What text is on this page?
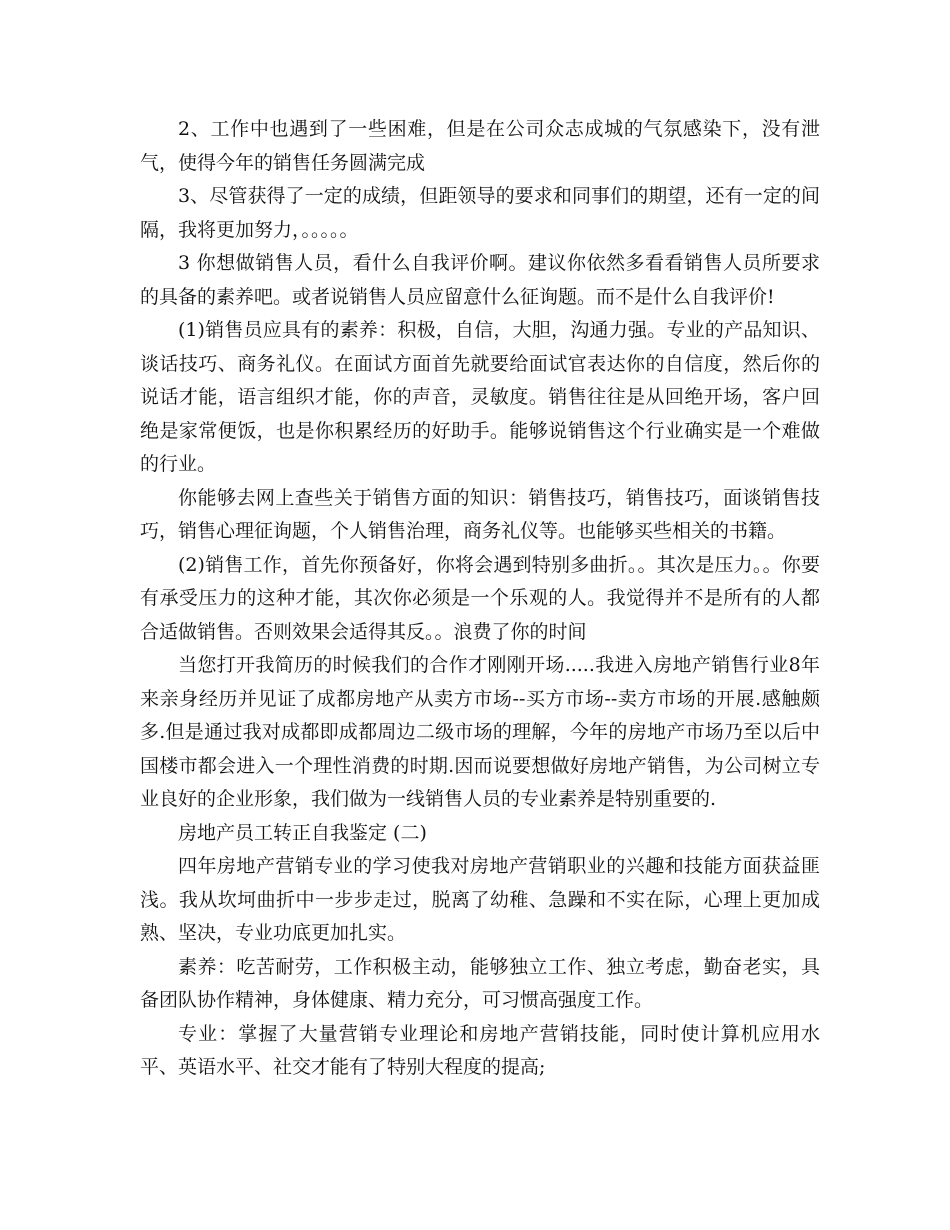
2、工作中也遇到了一些困难，但是在公司众志成城的气氛感染下，没有泄气，使得今年的销售任务圆满完成

3、尽管获得了一定的成绩，但距领导的要求和同事们的期望，还有一定的间隔，我将更加努力，。。。。。

3 你想做销售人员，看什么自我评价啊。建议你依然多看看销售人员所要求的具备的素养吧。或者说销售人员应留意什么征询题。而不是什么自我评价!

(1)销售员应具有的素养：积极，自信，大胆，沟通力强。专业的产品知识、谈话技巧、商务礼仪。在面试方面首先就要给面试官表达你的自信度，然后你的说话才能，语言组织才能，你的声音，灵敏度。销售往往是从回绝开场，客户回绝是家常便饭，也是你积累经历的好助手。能够说销售这个行业确实是一个难做的行业。

你能够去网上查些关于销售方面的知识：销售技巧，销售技巧，面谈销售技巧，销售心理征询题，个人销售治理，商务礼仪等。也能够买些相关的书籍。

(2)销售工作，首先你预备好，你将会遇到特别多曲折。。其次是压力。。你要有承受压力的这种才能，其次你必须是一个乐观的人。我觉得并不是所有的人都合适做销售。否则效果会适得其反。。浪费了你的时间

当您打开我简历的时候我们的合作才刚刚开场.....我进入房地产销售行业8年来亲身经历并见证了成都房地产从卖方市场--买方市场--卖方市场的开展.感触颇多.但是通过我对成都即成都周边二级市场的理解，今年的房地产市场乃至以后中国楼市都会进入一个理性消费的时期.因而说要想做好房地产销售，为公司树立专业良好的企业形象，我们做为一线销售人员的专业素养是特别重要的.

房地产员工转正自我鉴定 (二)

四年房地产营销专业的学习使我对房地产营销职业的兴趣和技能方面获益匪浅。我从坎坷曲折中一步步走过，脱离了幼稚、急躁和不实在际，心理上更加成熟、坚决，专业功底更加扎实。

素养：吃苦耐劳，工作积极主动，能够独立工作、独立考虑，勤奋老实，具备团队协作精神，身体健康、精力充分，可习惯高强度工作。

专业：掌握了大量营销专业理论和房地产营销技能，同时使计算机应用水平、英语水平、社交才能有了特别大程度的提高;
